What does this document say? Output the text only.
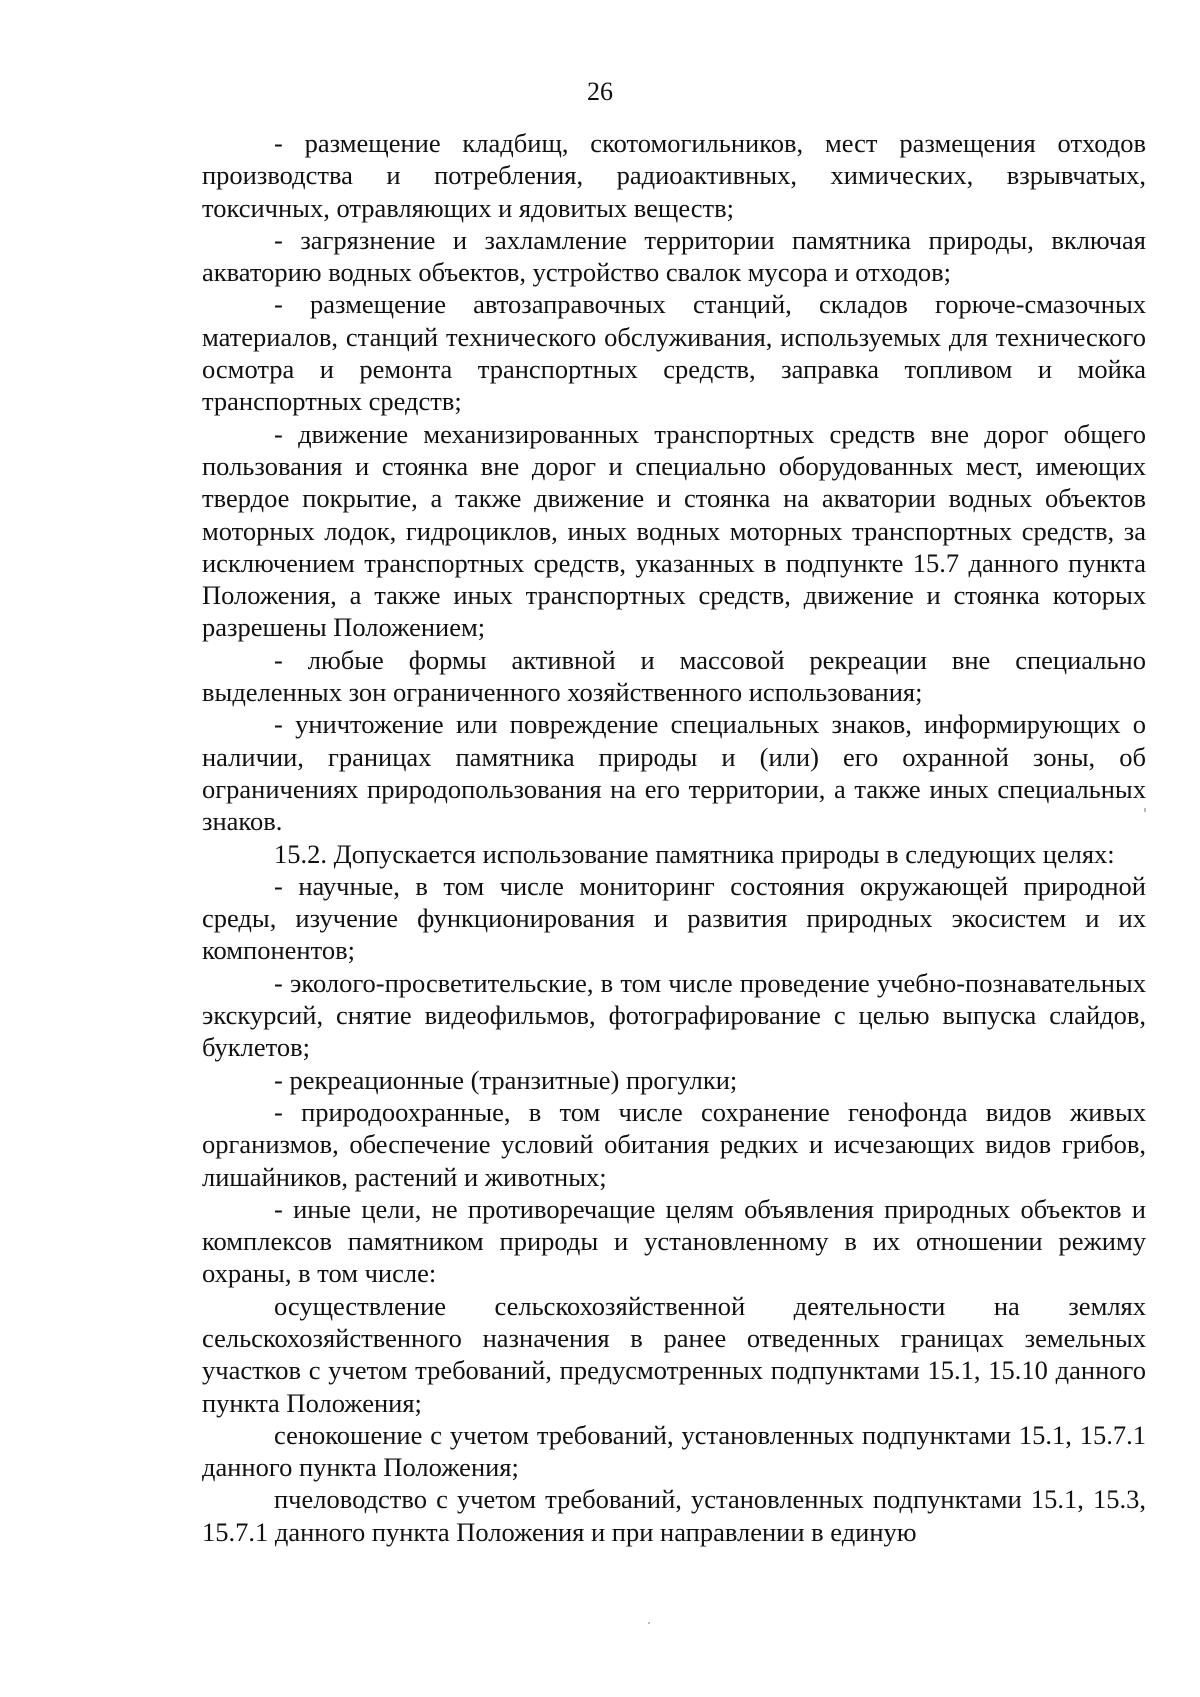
26

- размещение кладбищ, скотомогильников, мест размещения отходов производства и потребления, радиоактивных, химических, взрывчатых, токсичных, отравляющих и ядовитых веществ;

- загрязнение и захламление территории памятника природы, включая акваторию водных объектов, устройство свалок мусора и отходов;

- размещение автозаправочных станций, складов горюче-смазочных материалов, станций технического обслуживания, используемых для технического осмотра и ремонта транспортных средств, заправка топливом и мойка транспортных средств;

- движение механизированных транспортных средств вне дорог общего пользования и стоянка вне дорог и специально оборудованных мест, имеющих твердое покрытие, а также движение и стоянка на акватории водных объектов моторных лодок, гидроциклов, иных водных моторных транспортных средств, за исключением транспортных средств, указанных в подпункте 15.7 данного пункта Положения, а также иных транспортных средств, движение и стоянка которых разрешены Положением;

- любые формы активной и массовой рекреации вне специально выделенных зон ограниченного хозяйственного использования;

- уничтожение или повреждение специальных знаков, информирующих о наличии, границах памятника природы и (или) его охранной зоны, об ограничениях природопользования на его территории, а также иных специальных знаков.

15.2. Допускается использование памятника природы в следующих целях:

- научные, в том числе мониторинг состояния окружающей природной среды, изучение функционирования и развития природных экосистем и их компонентов;

- эколого-просветительские, в том числе проведение учебно-познавательных экскурсий, снятие видеофильмов, фотографирование с целью выпуска слайдов, буклетов;

- рекреационные (транзитные) прогулки;

- природоохранные, в том числе сохранение генофонда видов живых организмов, обеспечение условий обитания редких и исчезающих видов грибов, лишайников, растений и животных;

- иные цели, не противоречащие целям объявления природных объектов и комплексов памятником природы и установленному в их отношении режиму охраны, в том числе:

осуществление сельскохозяйственной деятельности на землях сельскохозяйственного назначения в ранее отведенных границах земельных участков с учетом требований, предусмотренных подпунктами 15.1, 15.10 данного пункта Положения;

сенокошение с учетом требований, установленных подпунктами 15.1, 15.7.1 данного пункта Положения;

пчеловодство с учетом требований, установленных подпунктами 15.1, 15.3, 15.7.1 данного пункта Положения и при направлении в единую
